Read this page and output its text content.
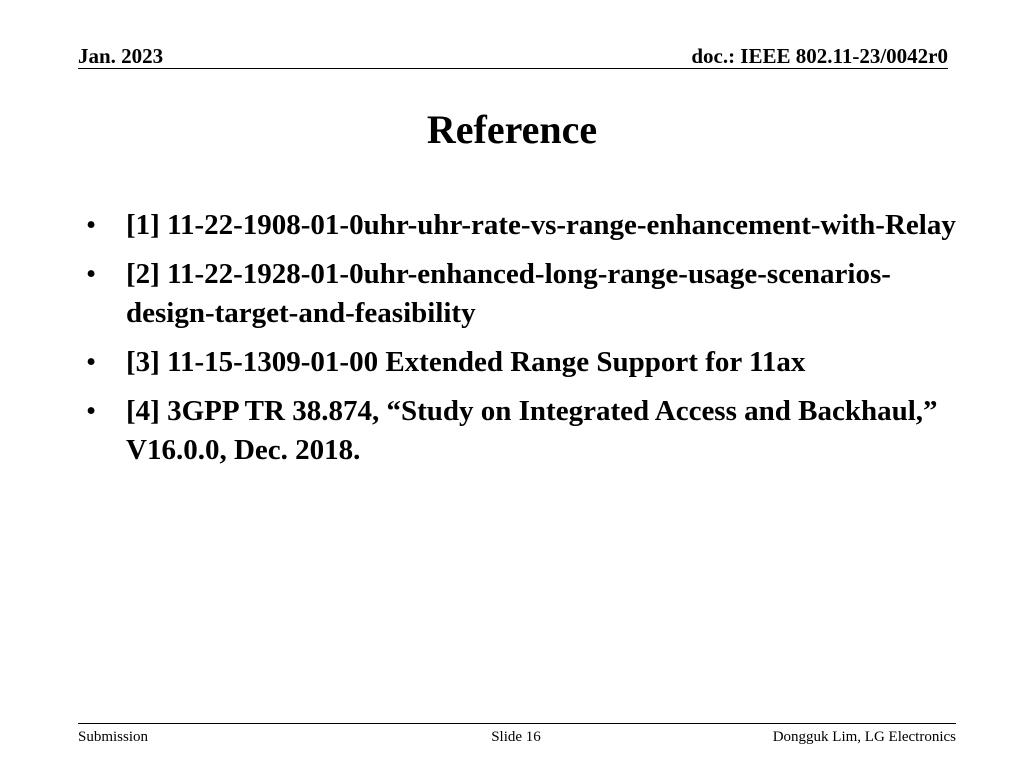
Jan. 2023	doc.: IEEE 802.11-23/0042r0
Reference
• [1] 11-22-1908-01-0uhr-uhr-rate-vs-range-enhancement-with-Relay
• [2] 11-22-1928-01-0uhr-enhanced-long-range-usage-scenarios-design-target-and-feasibility
• [3] 11-15-1309-01-00 Extended Range Support for 11ax
• [4] 3GPP TR 38.874, “Study on Integrated Access and Backhaul,” V16.0.0, Dec. 2018.
Submission	Slide 16	Dongguk Lim, LG Electronics
